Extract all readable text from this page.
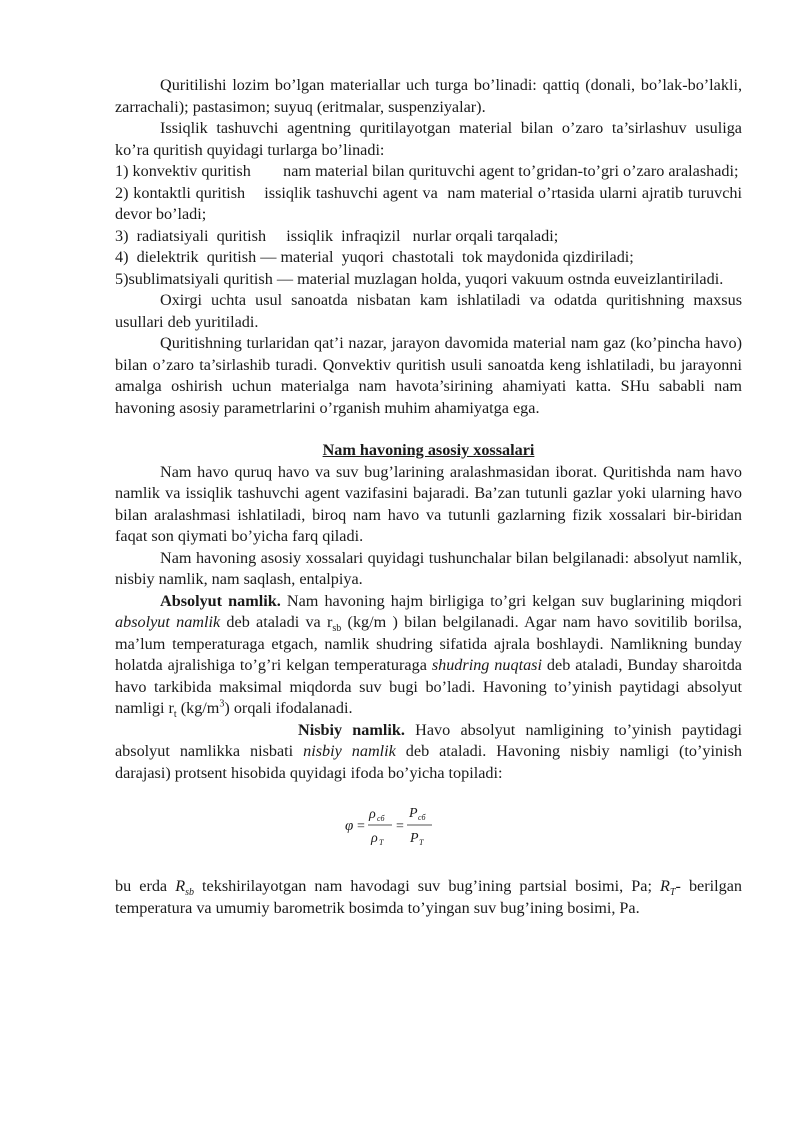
Quritilishi lozim bo’lgan materiallar uch turga bo’linadi: qattiq (donali, bo’lak-bo’lakli, zarrachali); pastasimon; suyuq (eritmalar, suspenziyalar).

Issiqlik tashuvchi agentning quritilayotgan material bilan o’zaro ta’sirlashuv usuliga ko’ra quritish quyidagi turlarga bo’linadi:

1) konvektiv quritish        nam material bilan qurituvchi agent to’gridan-to’gri o’zaro aralashadi;

2) kontaktli quritish    issiqlik tashuvchi agent va  nam material o’rtasida ularni ajratib turuvchi devor bo’ladi;

3)  radiatsiyali  quritish     issiqlik  infraqizil   nurlar orqali tarqaladi;

4)  dielektrik  quritish — material  yuqori  chastotali  tok maydonida qizdiriladi;

5)sublimatsiyali quritish — material muzlagan holda, yuqori vakuum ostnda euveizlantiriladi.

Oxirgi uchta usul sanoatda nisbatan kam ishlatiladi va odatda quritishning maxsus usullari deb yuritiladi.

Quritishning turlaridan qat’i nazar, jarayon davomida material nam gaz (ko’pincha havo) bilan o’zaro ta’sirlashib turadi. Qonvektiv quritish usuli sanoatda keng ishlatiladi, bu jarayonni amalga oshirish uchun materialga nam havota’sirining ahamiyati katta. SHu sababli nam havoning asosiy parametrlarini o’rganish muhim ahamiyatga ega.

Nam havoning asosiy xossalari

Nam havo quruq havo va suv bug’larining aralashmasidan iborat. Quritishda nam havo namlik va issiqlik tashuvchi agent vazifasini bajaradi. Ba’zan tutunli gazlar yoki ularning havo bilan aralashmasi ishlatiladi, biroq nam havo va tutunli gazlarning fizik xossalari bir-biridan faqat son qiymati bo’yicha farq qiladi.

Nam havoning asosiy xossalari quyidagi tushunchalar bilan belgilanadi: absolyut namlik, nisbiy namlik, nam saqlash, entalpiya.

Absolyut namlik. Nam havoning hajm birligiga to’gri kelgan suv buglarining miqdori absolyut namlik deb ataladi va $r_{sb}$ (kg/m ) bilan belgilanadi. Agar nam havo sovitilib borilsa, ma’lum temperaturaga etgach, namlik shudring sifatida ajrala boshlaydi. Namlikning bunday holatda ajralishiga to’g’ri kelgan temperaturaga shudring nuqtasi deb ataladi, Bunday sharoitda havo tarkibida maksimal miqdorda suv bugi bo’ladi. Havoning to’yinish paytidagi absolyut namligi $r_t$ $(kg/m^3)$ orqali ifodalanadi.

Nisbiy namlik. Havo absolyut namligining to’yinish paytidagi absolyut namlikka nisbati nisbiy namlik deb ataladi. Havoning nisbiy namligi (to’yinish darajasi) protsent hisobida quyidagi ifoda bo’yicha topiladi:

φ =
ρ сб
ρ T
=
P сб
P T

bu erda $R_{sb}$ tekshirilayotgan nam havodagi suv bug’ining partsial bosimi, Pa; $R_T-$ berilgan temperatura va umumiy barometrik bosimda to’yingan suv bug’ining bosimi, Pa.
